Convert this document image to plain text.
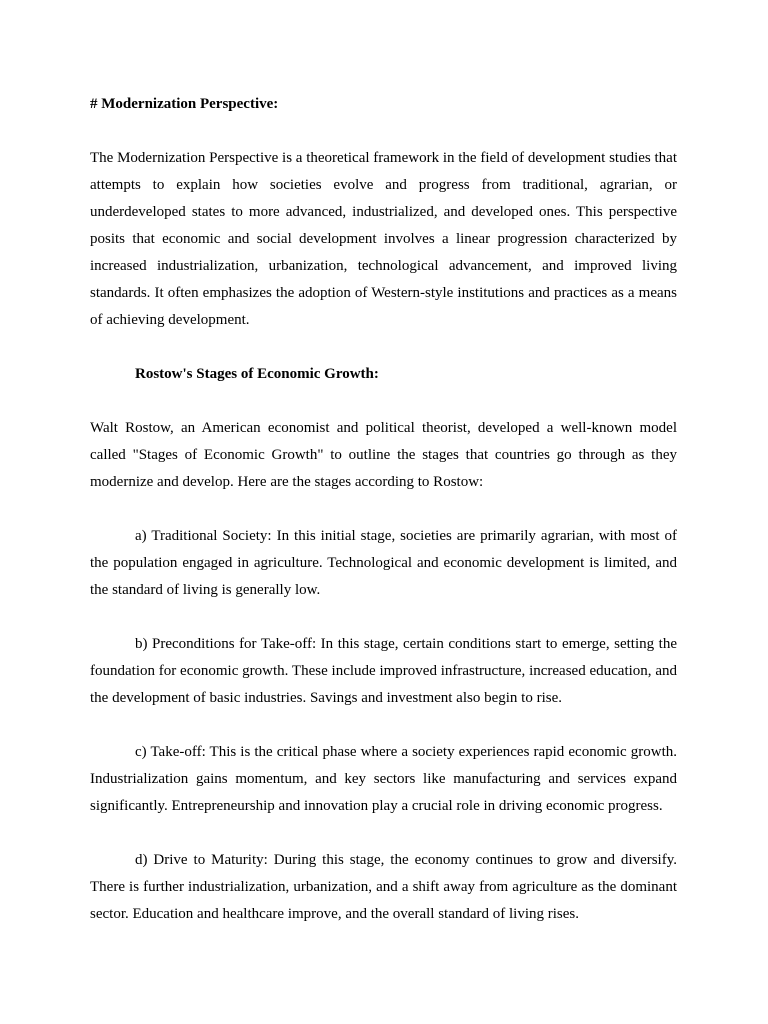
# Modernization Perspective:

The Modernization Perspective is a theoretical framework in the field of development studies that attempts to explain how societies evolve and progress from traditional, agrarian, or underdeveloped states to more advanced, industrialized, and developed ones. This perspective posits that economic and social development involves a linear progression characterized by increased industrialization, urbanization, technological advancement, and improved living standards. It often emphasizes the adoption of Western-style institutions and practices as a means of achieving development.

Rostow's Stages of Economic Growth:

Walt Rostow, an American economist and political theorist, developed a well-known model called "Stages of Economic Growth" to outline the stages that countries go through as they modernize and develop. Here are the stages according to Rostow:

a) Traditional Society: In this initial stage, societies are primarily agrarian, with most of the population engaged in agriculture. Technological and economic development is limited, and the standard of living is generally low.

b) Preconditions for Take-off: In this stage, certain conditions start to emerge, setting the foundation for economic growth. These include improved infrastructure, increased education, and the development of basic industries. Savings and investment also begin to rise.

c) Take-off: This is the critical phase where a society experiences rapid economic growth. Industrialization gains momentum, and key sectors like manufacturing and services expand significantly. Entrepreneurship and innovation play a crucial role in driving economic progress.

d) Drive to Maturity: During this stage, the economy continues to grow and diversify. There is further industrialization, urbanization, and a shift away from agriculture as the dominant sector. Education and healthcare improve, and the overall standard of living rises.
